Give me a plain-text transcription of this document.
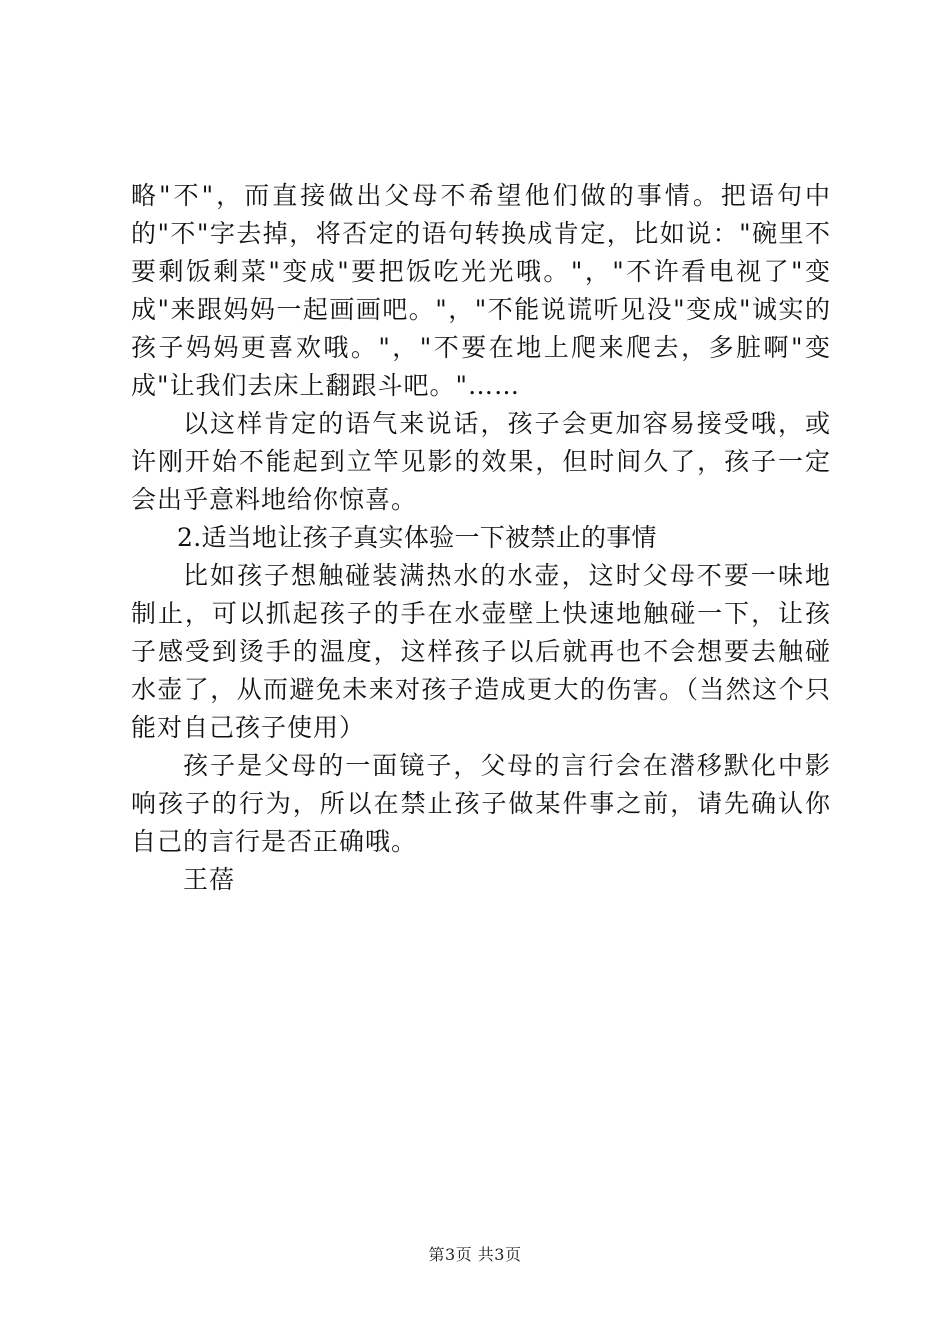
略"不"，而直接做出父母不希望他们做的事情。把语句中的"不"字去掉，将否定的语句转换成肯定，比如说："碗里不要剩饭剩菜"变成"要把饭吃光光哦。"，"不许看电视了"变成"来跟妈妈一起画画吧。"，"不能说谎听见没"变成"诚实的孩子妈妈更喜欢哦。"，"不要在地上爬来爬去，多脏啊"变成"让我们去床上翻跟斗吧。"……

以这样肯定的语气来说话，孩子会更加容易接受哦，或许刚开始不能起到立竿见影的效果，但时间久了，孩子一定会出乎意料地给你惊喜。

2.适当地让孩子真实体验一下被禁止的事情

比如孩子想触碰装满热水的水壶，这时父母不要一味地制止，可以抓起孩子的手在水壶壁上快速地触碰一下，让孩子感受到烫手的温度，这样孩子以后就再也不会想要去触碰水壶了，从而避免未来对孩子造成更大的伤害。（当然这个只能对自己孩子使用）

孩子是父母的一面镜子，父母的言行会在潜移默化中影响孩子的行为，所以在禁止孩子做某件事之前，请先确认你自己的言行是否正确哦。

王蓓

第3页 共3页
